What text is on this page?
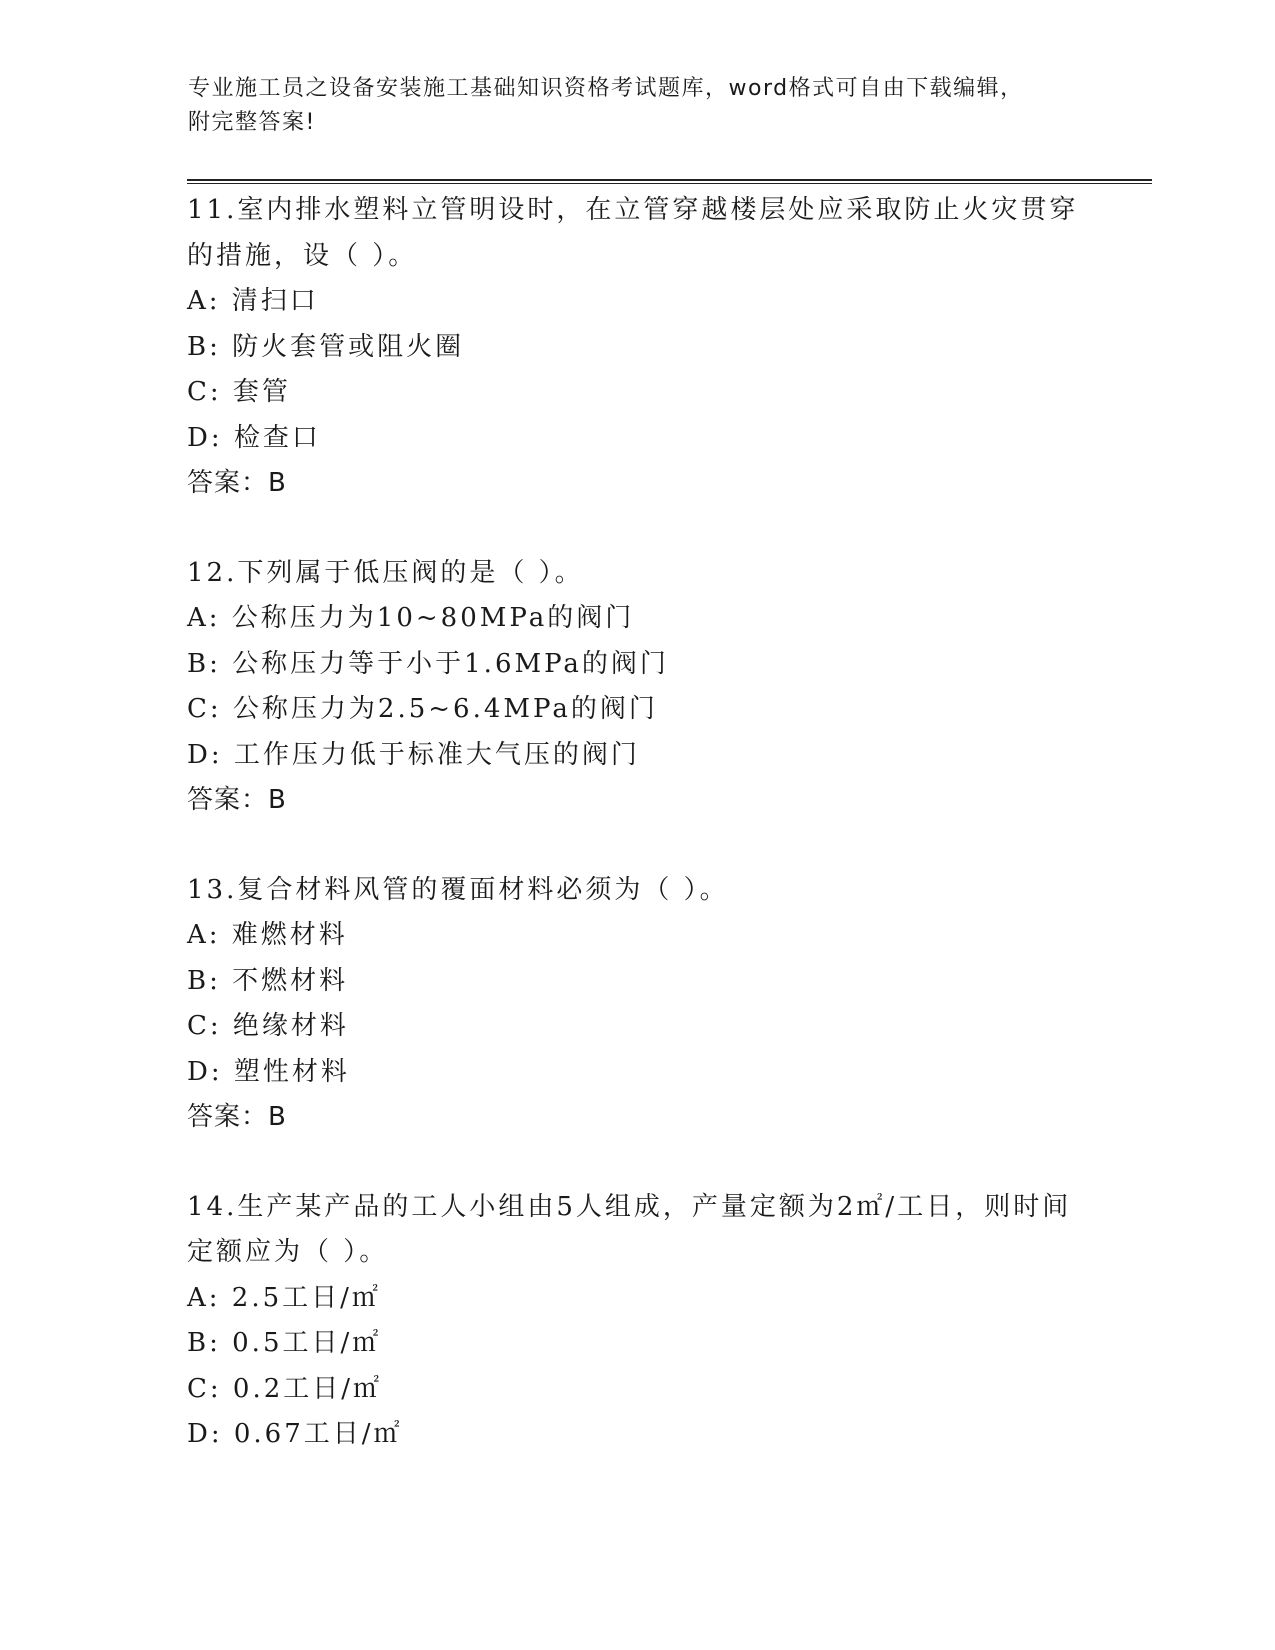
专业施工员之设备安装施工基础知识资格考试题库，word格式可自由下载编辑，
附完整答案!
11.室内排水塑料立管明设时，在立管穿越楼层处应采取防止火灾贯穿
的措施，设（ ）。
A: 清扫口
B: 防火套管或阻火圈
C: 套管
D: 检查口
答案：B
12.下列属于低压阀的是（ ）。
A: 公称压力为10~80MPa的阀门
B: 公称压力等于小于1.6MPa的阀门
C: 公称压力为2.5~6.4MPa的阀门
D: 工作压力低于标准大气压的阀门
答案：B
13.复合材料风管的覆面材料必须为（ ）。
A: 难燃材料
B: 不燃材料
C: 绝缘材料
D: 塑性材料
答案：B
14.生产某产品的工人小组由5人组成，产量定额为2㎡/工日，则时间
定额应为（ ）。
A: 2.5工日/㎡
B: 0.5工日/㎡
C: 0.2工日/㎡
D: 0.67工日/㎡
